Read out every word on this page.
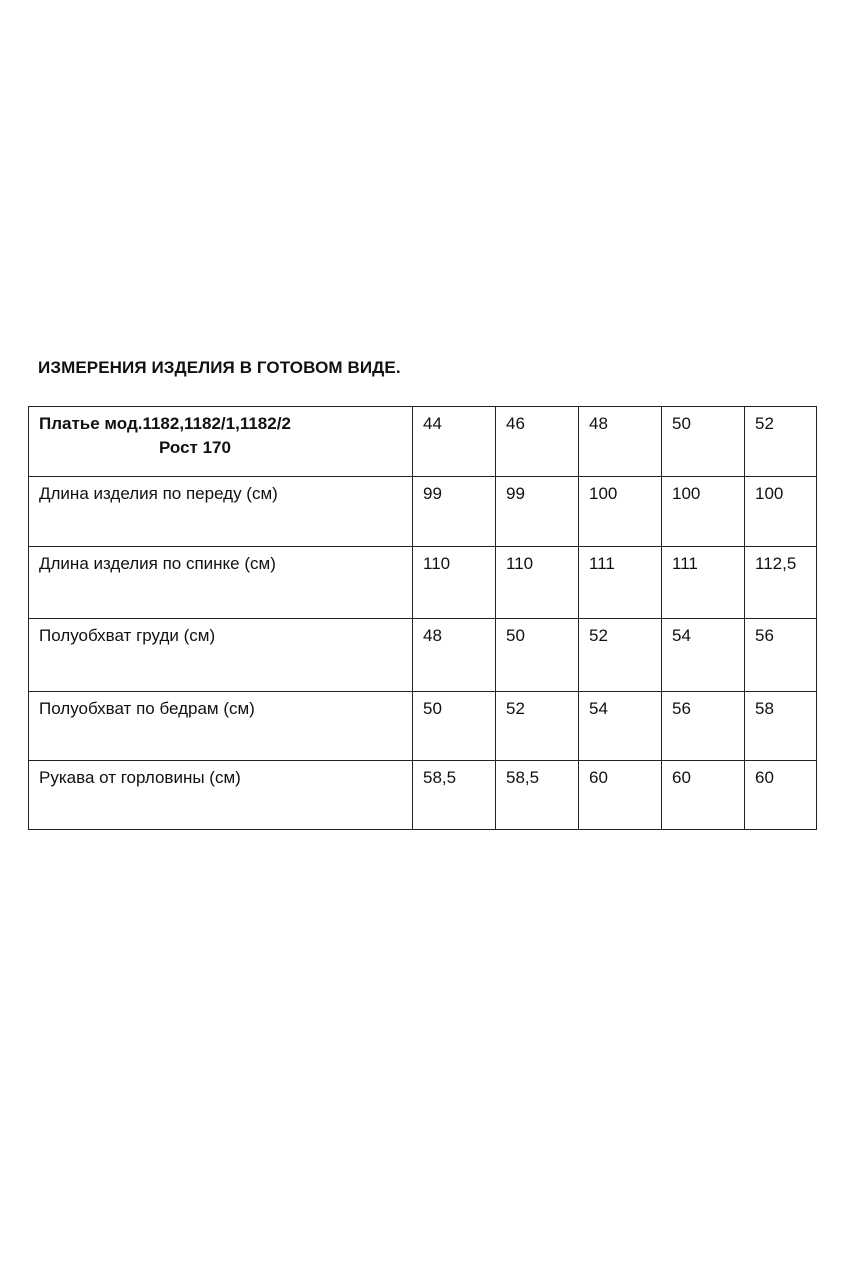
ИЗМЕРЕНИЯ ИЗДЕЛИЯ В ГОТОВОМ ВИДЕ.
Платье мод.1182,1182/1,1182/2
Рост 170	44	46	48	50	52
Длина изделия по переду (см)	99	99	100	100	100
Длина изделия по спинке (см)	110	110	111	111	112,5
Полуобхват груди (см)	48	50	52	54	56
Полуобхват по бедрам (см)	50	52	54	56	58
Рукава от горловины (см)	58,5	58,5	60	60	60
